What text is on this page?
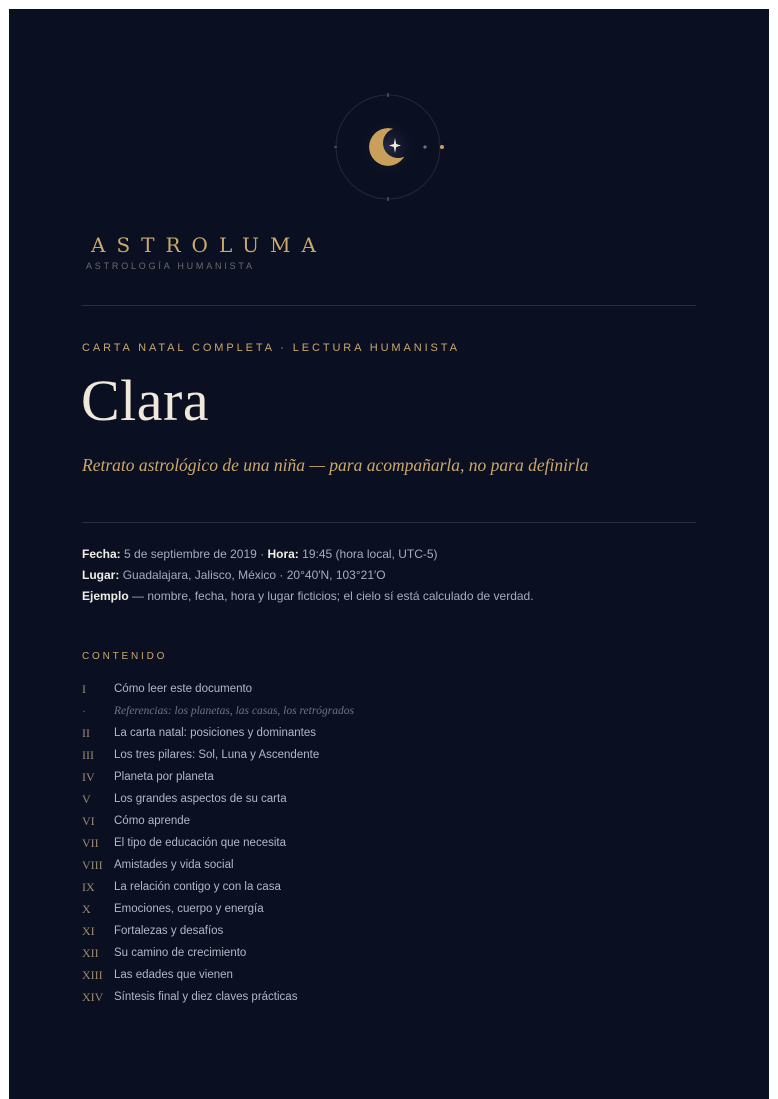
ASTROLUMA
ASTROLOGÍA HUMANISTA
CARTA NATAL COMPLETA · LECTURA HUMANISTA
Clara
Retrato astrológico de una niña — para acompañarla, no para definirla
Fecha: 5 de septiembre de 2019 · Hora: 19:45 (hora local, UTC-5)
Lugar: Guadalajara, Jalisco, México · 20°40′N, 103°21′O
Ejemplo — nombre, fecha, hora y lugar ficticios; el cielo sí está calculado de verdad.
CONTENIDO
I	Cómo leer este documento
·	Referencias: los planetas, las casas, los retrógrados
II	La carta natal: posiciones y dominantes
III	Los tres pilares: Sol, Luna y Ascendente
IV	Planeta por planeta
V	Los grandes aspectos de su carta
VI	Cómo aprende
VII	El tipo de educación que necesita
VIII Amistades y vida social
IX	La relación contigo y con la casa
X	Emociones, cuerpo y energía
XI	Fortalezas y desafíos
XII	Su camino de crecimiento
XIII Las edades que vienen
XIV Síntesis final y diez claves prácticas
